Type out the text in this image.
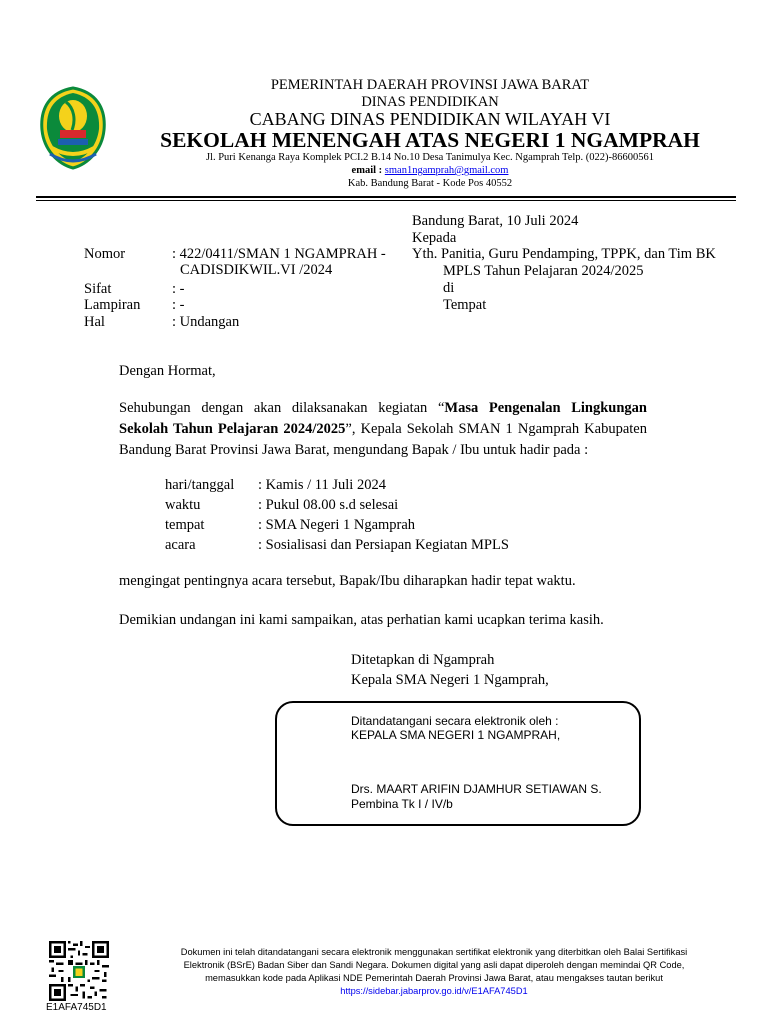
PEMERINTAH DAERAH PROVINSI JAWA BARAT
DINAS PENDIDIKAN
CABANG DINAS PENDIDIKAN WILAYAH VI
SEKOLAH MENENGAH ATAS NEGERI 1 NGAMPRAH
Jl. Puri Kenanga Raya Komplek PCI.2 B.14 No.10 Desa Tanimulya Kec. Ngamprah Telp. (022)-86600561
email : sman1ngamprah@gmail.com
Kab. Bandung Barat - Kode Pos 40552
Bandung Barat, 10 Juli 2024
Kepada
Yth. Panitia, Guru Pendamping, TPPK, dan Tim BK
MPLS Tahun Pelajaran 2024/2025
di
Tempat
Nomor	: 422/0411/SMAN 1 NGAMPRAH -
CADISDIKWIL.VI /2024
Sifat	: -
Lampiran : -
Hal	: Undangan
Dengan Hormat,
Sehubungan dengan akan dilaksanakan kegiatan “Masa Pengenalan Lingkungan Sekolah Tahun Pelajaran 2024/2025”, Kepala Sekolah SMAN 1 Ngamprah Kabupaten Bandung Barat Provinsi Jawa Barat, mengundang Bapak / Ibu untuk hadir pada :
hari/tanggal : Kamis / 11 Juli 2024
waktu	: Pukul 08.00 s.d selesai
tempat	: SMA Negeri 1 Ngamprah
acara	: Sosialisasi dan Persiapan Kegiatan MPLS
mengingat pentingnya acara tersebut, Bapak/Ibu diharapkan hadir tepat waktu.
Demikian undangan ini kami sampaikan, atas perhatian kami ucapkan terima kasih.
Ditetapkan di Ngamprah
Kepala SMA Negeri 1 Ngamprah,
Ditandatangani secara elektronik oleh :
KEPALA SMA NEGERI 1 NGAMPRAH,
Drs. MAART ARIFIN DJAMHUR SETIAWAN S.
Pembina Tk I / IV/b
E1AFA745D1
Dokumen ini telah ditandatangani secara elektronik menggunakan sertifikat elektronik yang diterbitkan oleh Balai Sertifikasi
Elektronik (BSrE) Badan Siber dan Sandi Negara. Dokumen digital yang asli dapat diperoleh dengan memindai QR Code,
memasukkan kode pada Aplikasi NDE Pemerintah Daerah Provinsi Jawa Barat, atau mengakses tautan berikut
https://sidebar.jabarprov.go.id/v/E1AFA745D1
